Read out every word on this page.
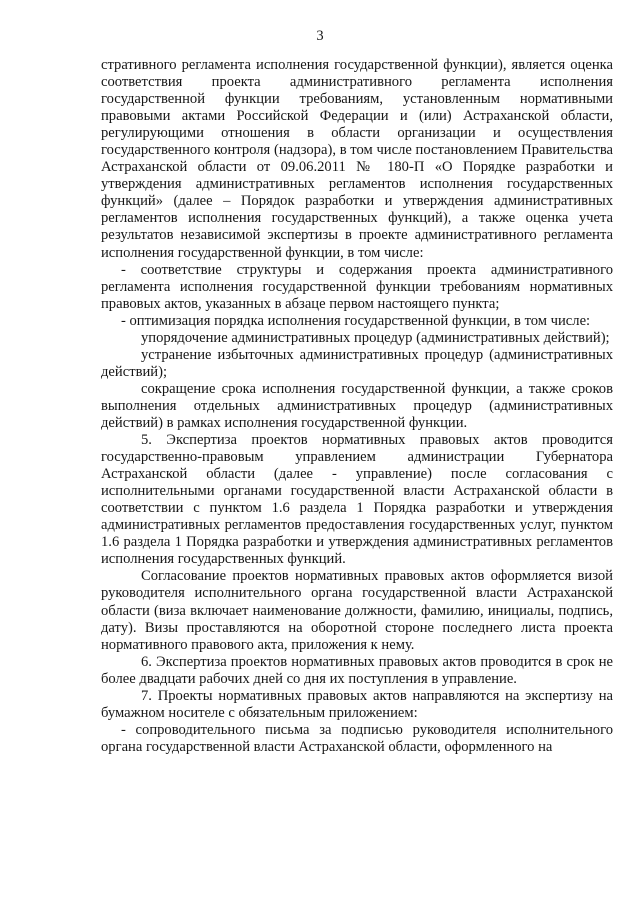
3

стративного регламента исполнения государственной функции), является оценка соответствия проекта административного регламента исполнения государственной функции требованиям, установленным нормативными правовыми актами Российской Федерации и (или) Астраханской области, регулирующими отношения в области организации и осуществления государственного контроля (надзора), в том числе постановлением Правительства Астраханской области от 09.06.2011 № 180-П «О Порядке разработки и утверждения административных регламентов исполнения государственных функций» (далее – Порядок разработки и утверждения административных регламентов исполнения государственных функций), а также оценка учета результатов независимой экспертизы в проекте административного регламента исполнения государственной функции, в том числе:

- соответствие структуры и содержания проекта административного регламента исполнения государственной функции требованиям нормативных правовых актов, указанных в абзаце первом настоящего пункта;

- оптимизация порядка исполнения государственной функции, в том числе:

упорядочение административных процедур (административных действий);

устранение избыточных административных процедур (административных действий);

сокращение срока исполнения государственной функции, а также сроков выполнения отдельных административных процедур (административных действий) в рамках исполнения государственной функции.

5. Экспертиза проектов нормативных правовых актов проводится государственно-правовым управлением администрации Губернатора Астраханской области (далее - управление) после согласования с исполнительными органами государственной власти Астраханской области в соответствии с пунктом 1.6 раздела 1 Порядка разработки и утверждения административных регламентов предоставления государственных услуг, пунктом 1.6 раздела 1 Порядка разработки и утверждения административных регламентов исполнения государственных функций.

Согласование проектов нормативных правовых актов оформляется визой руководителя исполнительного органа государственной власти Астраханской области (виза включает наименование должности, фамилию, инициалы, подпись, дату). Визы проставляются на оборотной стороне последнего листа проекта нормативного правового акта, приложения к нему.

6. Экспертиза проектов нормативных правовых актов проводится в срок не более двадцати рабочих дней со дня их поступления в управление.

7. Проекты нормативных правовых актов направляются на экспертизу на бумажном носителе с обязательным приложением:

- сопроводительного письма за подписью руководителя исполнительного органа государственной власти Астраханской области, оформленного на
